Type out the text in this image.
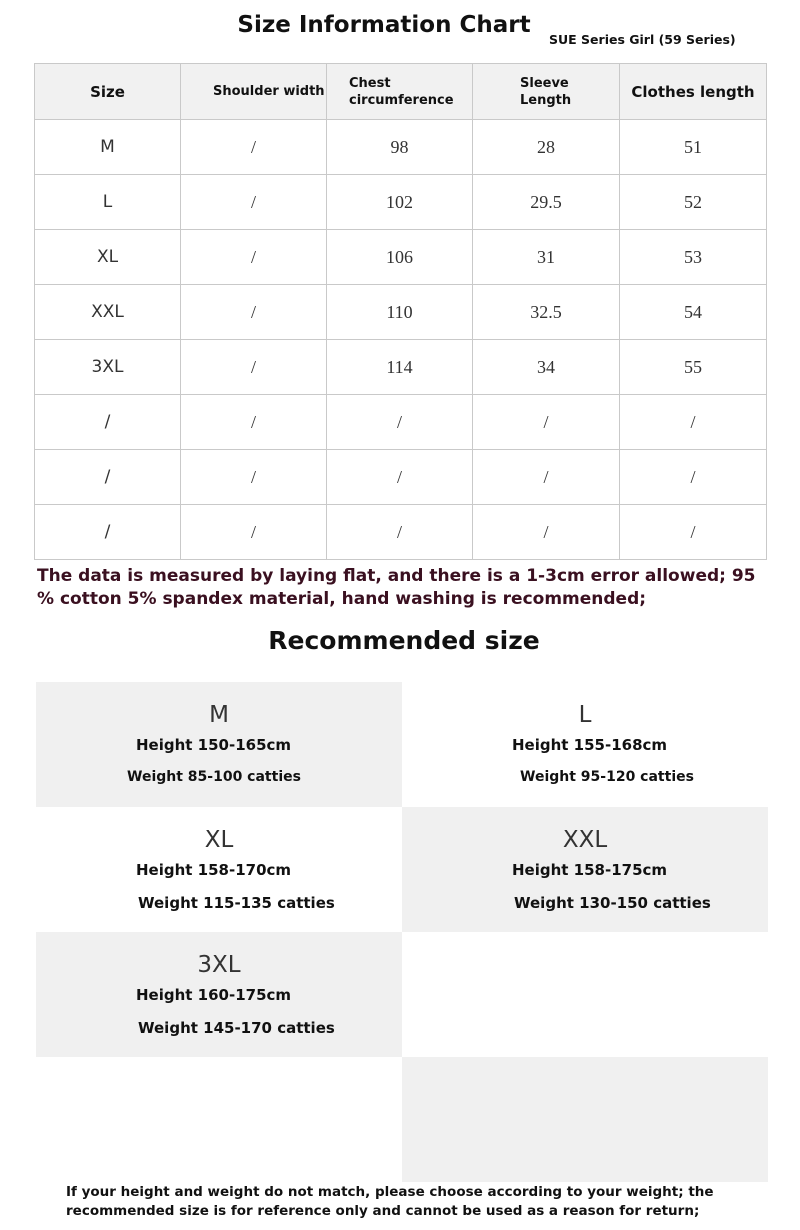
Size Information Chart
SUE Series Girl (59 Series)
Size	Shoulder width	Chest circumference	Sleeve Length	Clothes length
M	/	98	28	51
L	/	102	29.5	52
XL	/	106	31	53
XXL	/	110	32.5	54
3XL	/	114	34	55
/	/	/	/	/
/	/	/	/	/
/	/	/	/	/
The data is measured by laying flat, and there is a 1-3cm error allowed; 95 % cotton 5% spandex material, hand washing is recommended;
Recommended size
M
Height 150-165cm
Weight 85-100 catties
L
Height 155-168cm
Weight 95-120 catties
XL
Height 158-170cm
Weight 115-135 catties
XXL
Height 158-175cm
Weight 130-150 catties
3XL
Height 160-175cm
Weight 145-170 catties
If your height and weight do not match, please choose according to your weight; the recommended size is for reference only and cannot be used as a reason for return;
